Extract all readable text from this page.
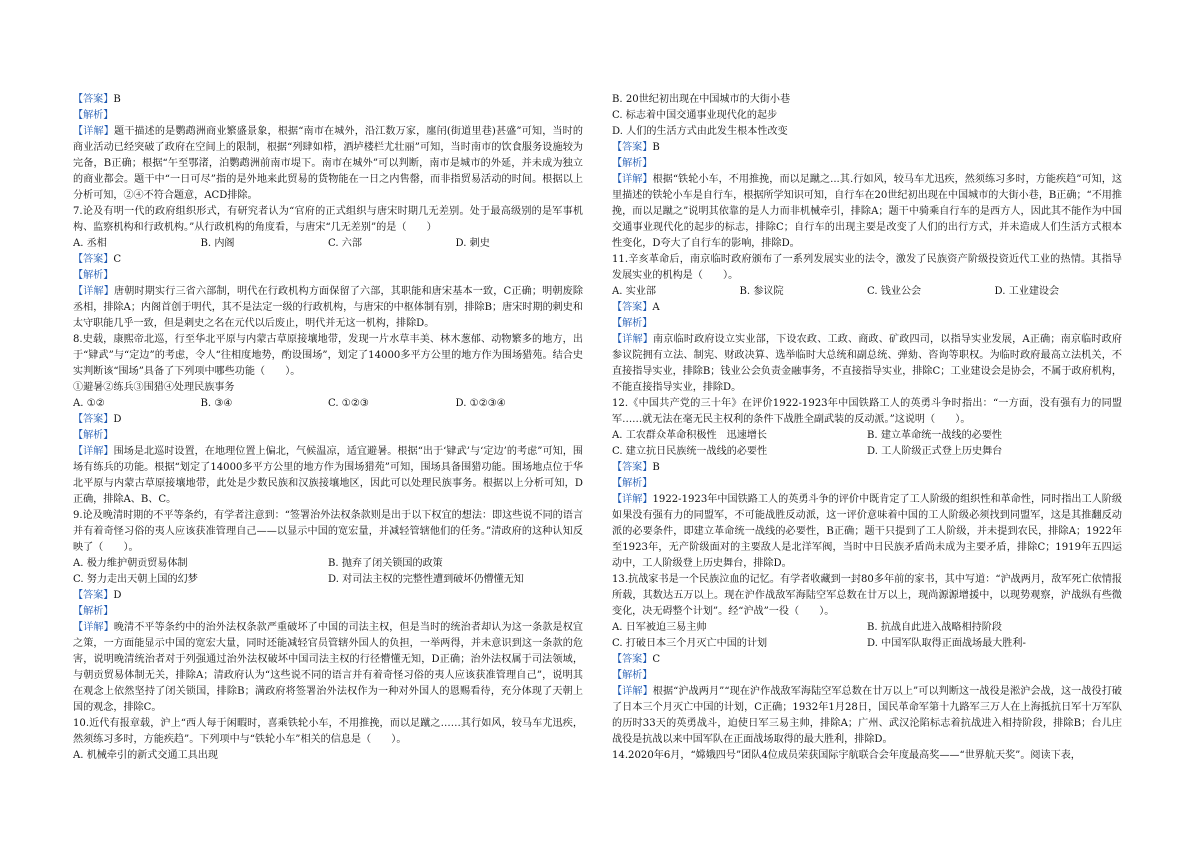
【答案】B

【解析】

【详解】题干描述的是鹦鹉洲商业繁盛景象，根据“南市在城外，沿江数万家，廛闬(街道里巷)甚盛”可知，当时的商业活动已经突破了政府在空间上的限制，根据“列肆如栉，酒垆楼栏尤壮丽”可知，当时南市的饮食服务设施较为完备，B正确；根据“午至鄂渚，泊鹦鹉洲前南市堤下。南市在城外”可以判断，南市是城市的外延，并未成为独立的商业都会。题干中“一日可尽”指的是外地来此贸易的货物能在一日之内售罄，而非指贸易活动的时间。根据以上分析可知，②④不符合题意，ACD排除。

7.论及有明一代的政府组织形式，有研究者认为“官府的正式组织与唐宋时期几无差别。处于最高级别的是军事机构、监察机构和行政机构。”从行政机构的角度看，与唐宋“几无差别”的是（　　）

A. 丞相	B. 内阁	C. 六部	D. 刺史

【答案】C

【解析】

【详解】唐朝时期实行三省六部制，明代在行政机构方面保留了六部，其职能和唐宋基本一致，C正确；明朝废除丞相，排除A；内阁首创于明代，其不是法定一级的行政机构，与唐宋的中枢体制有别，排除B；唐宋时期的刺史和太守职能几乎一致，但是刺史之名在元代以后废止，明代并无这一机构，排除D。

8.史载，康熙帝北巡，行至华北平原与内蒙古草原接壤地带，发现一片水草丰美、林木葱郁、动物繁多的地方，出于“肄武”与“定边”的考虑，令人“往相度地势，酌设围场”，划定了14000多平方公里的地方作为围场猎苑。结合史实判断该“围场”具备了下列项中哪些功能（　　）。

①避暑②练兵③围猎④处理民族事务

A. ①②	B. ③④	C. ①②③	D. ①②③④

【答案】D

【解析】

【详解】围场是北巡时设置，在地理位置上偏北，气候温凉，适宜避暑。根据“出于‘肄武’与‘定边’的考虑”可知，围场有练兵的功能。根据“划定了14000多平方公里的地方作为围场猎苑”可知，围场具备围猎功能。围场地点位于华北平原与内蒙古草原接壤地带，此处是少数民族和汉族接壤地区，因此可以处理民族事务。根据以上分析可知，D正确，排除A、B、C。

9.论及晚清时期的不平等条约，有学者注意到：“签署治外法权条款则是出于以下权宜的想法：即这些说不同的语言并有着奇怪习俗的夷人应该获准管理自己——以显示中国的宽宏量，并减轻管辖他们的任务。”清政府的这种认知反映了（　　）。

A. 极力维护朝贡贸易体制	B. 抛弃了闭关锁国的政策

C. 努力走出天朝上国的幻梦	D. 对司法主权的完整性遭到破坏仍懵懂无知

【答案】D

【解析】

【详解】晚清不平等条约中的治外法权条款严重破坏了中国的司法主权，但是当时的统治者却认为这一条款是权宜之策，一方面能显示中国的宽宏大量，同时还能减轻官员管辖外国人的负担，一举两得，并未意识到这一条款的危害，说明晚清统治者对于列强通过治外法权破坏中国司法主权的行径懵懂无知，D正确；治外法权属于司法领域，与朝贡贸易体制无关，排除A；清政府认为“这些说不同的语言并有着奇怪习俗的夷人应该获准管理自己”，说明其在观念上依然坚持了闭关锁国，排除B；满政府将签署治外法权作为一种对外国人的恩赐看待，充分体现了天朝上国的观念，排除C。

10.近代有报章载，沪上“西人每于闲暇时，喜乘铁轮小车，不用推挽，而以足蹴之……其行如风，较马车尤迅疾，然须练习多时，方能疾趋”。下列项中与“铁轮小车”相关的信息是（　　）。

A. 机械牵引的新式交通工具出现

B. 20世纪初出现在中国城市的大街小巷

C. 标志着中国交通事业现代化的起步

D. 人们的生活方式由此发生根本性改变

【答案】B

【解析】

【详解】根据“铁轮小车，不用推挽，而以足蹴之...其.行如风，较马车尤迅疾，然须练习多时，方能疾趋”可知，这里描述的铁轮小车是自行车，根据所学知识可知，自行车在20世纪初出现在中国城市的大街小巷，B正确；“不用推挽，而以足蹴之”说明其依靠的是人力而非机械牵引，排除A；题干中骑乘自行车的是西方人，因此其不能作为中国交通事业现代化的起步的标志，排除C；自行车的出现主要是改变了人们的出行方式，并未造成人们生活方式根本性变化，D夸大了自行车的影响，排除D。

11.辛亥革命后，南京临时政府颁布了一系列发展实业的法令，激发了民族资产阶级投资近代工业的热情。其指导发展实业的机构是（　　）。

A. 实业部	B. 参议院	C. 钱业公会	D. 工业建设会

【答案】A

【解析】

【详解】南京临时政府设立实业部，下设农政、工政、商政、矿政四司，以指导实业发展，A正确；南京临时政府参议院拥有立法、制宪、财政决算、选举临时大总统和副总统、弹劾、咨询等职权。为临时政府最高立法机关，不直接指导实业，排除B；钱业公会负责金融事务，不直接指导实业，排除C；工业建设会是协会，不属于政府机构，不能直接指导实业，排除D。

12.《中国共产党的三十年》在评价1922-1923年中国铁路工人的英勇斗争时指出：“一方面，没有强有力的同盟军……就无法在毫无民主权利的条件下战胜全副武装的反动派。”这说明（　　）。

A. 工农群众革命积极性　迅速增长	B. 建立革命统一战线的必要性

C. 建立抗日民族统一战线的必要性	D. 工人阶级正式登上历史舞台

【答案】B

【解析】

【详解】1922-1923年中国铁路工人的英勇斗争的评价中既肯定了工人阶级的组织性和革命性，同时指出工人阶级如果没有强有力的同盟军，不可能战胜反动派，这一评价意味着中国的工人阶级必须找到同盟军，这是其推翻反动派的必要条件，即建立革命统一战线的必要性，B正确；题干只提到了工人阶级，并未提到农民，排除A；1922年至1923年，无产阶级面对的主要敌人是北洋军阀，当时中日民族矛盾尚未成为主要矛盾，排除C；1919年五四运动中，工人阶级登上历史舞台，排除D。

13.抗战家书是一个民族泣血的记忆。有学者收藏到一封80多年前的家书，其中写道：“沪战两月，敌军死亡依情报所载，其数达五万以上。现在沪作战敌军海陆空军总数在廿万以上，现尚源源增援中，以现势观察，沪战纵有些微变化，决无碍整个计划”。经“沪战”一役（　　）。

A. 日军被迫三易主帅	B. 抗战自此进入战略相持阶段

C. 打破日本三个月灭亡中国的计划	D. 中国军队取得正面战场最大胜利-

【答案】C

【解析】

【详解】根据“沪战两月”“现在沪作战敌军海陆空军总数在廿万以上”可以判断这一战役是淞沪会战，这一战役打破了日本三个月灭亡中国的计划，C正确；1932年1月28日，国民革命军第十九路军三万人在上海抵抗日军十万军队的历时33天的英勇战斗，迫使日军三易主帅，排除A；广州、武汉沦陷标志着抗战进入相持阶段，排除B；台儿庄战役是抗战以来中国军队在正面战场取得的最大胜利，排除D。

14.2020年6月，“嫦娥四号”团队4位成员荣获国际宇航联合会年度最高奖——“世界航天奖”。阅读下表，
